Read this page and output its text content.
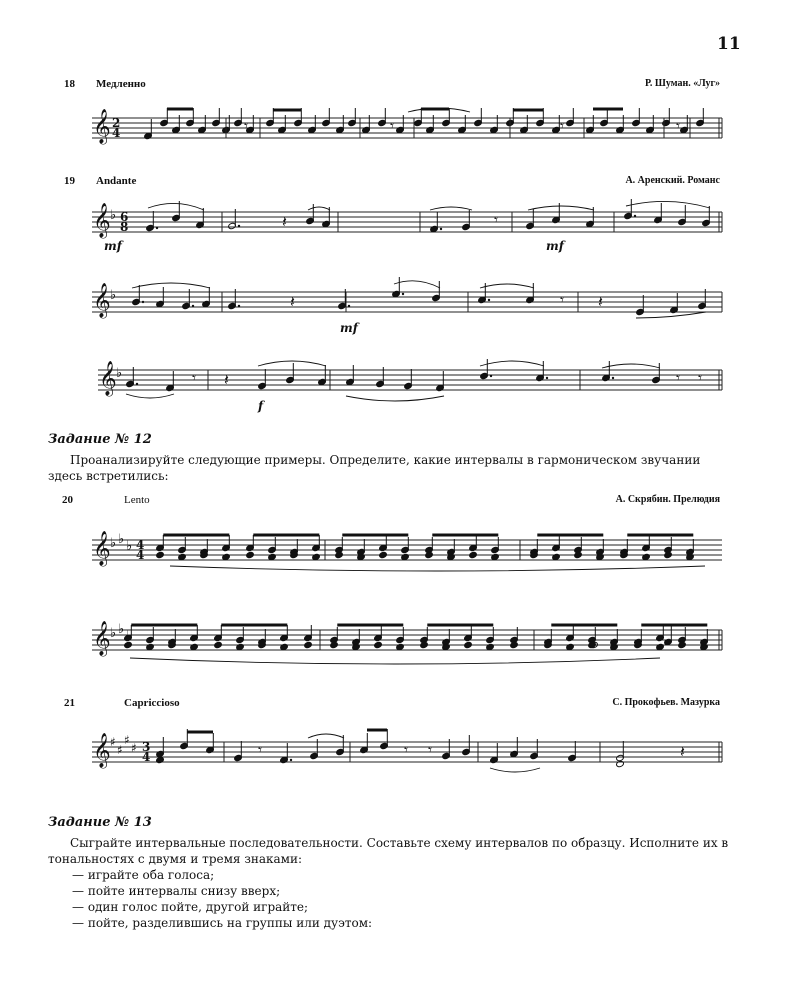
11
18 Медленно	Р. Шуман. «Луг»
𝄞 2
4	𝄾	𝄾	𝄾	𝄾
𝄞 ♭ 6
8
𝄞 ♭
𝄞 ♭
𝄽	𝄾
mf	mf
𝄽	𝄾 𝄽
mf
𝄾 𝄽	𝄾 𝄾
f
𝄞 ♭ ♭ ♭ 4
4
𝄞 ♭ ♭
𝄞 ♯
♯
♯
♯ 3
4	𝄾	𝄾 𝄾	𝄽
19 Andante	А. Аренский. Романс
Задание № 12
Проанализируйте следующие примеры. Определите, какие интервалы в гармоническом звучании здесь встретились:
20	Lento	А. Скрябин. Прелюдия
21	Capriccioso	С. Прокофьев. Мазурка
Задание № 13
Сыграйте интервальные последовательности. Составьте схему интервалов по образцу. Исполните их в тональностях с двумя и тремя знаками:
— играйте оба голоса;
— пойте интервалы снизу вверх;
— один голос пойте, другой играйте;
— пойте, разделившись на группы или дуэтом:
